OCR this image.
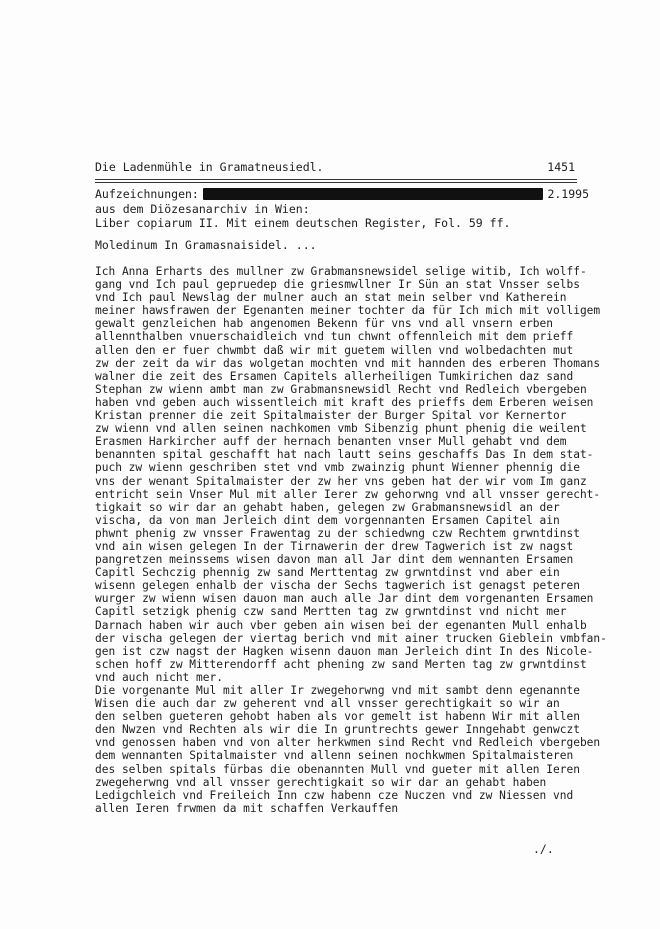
Die Ladenmühle in Gramatneusiedl.	1451
Aufzeichnungen:	2.1995
aus dem Diözesanarchiv in Wien:
Liber copiarum II. Mit einem deutschen Register, Fol. 59 ff.
Moledinum In Gramasnaisidel. ...
Ich Anna Erharts des mullner zw Grabmansnewsidel selige witib, Ich wolff-
gang vnd Ich paul gepruedер die griesmwllner Ir Sün an stat Vnsser selbs
vnd Ich paul Newslag der mulner auch an stat mein selber vnd Katherein
meiner hawsfrawen der Egenanten meiner tochter da für Ich mich mit volligem
gewalt genzleichen hab angenomen Bekenn für vns vnd all vnsern erben
allennthalben vnuerschaidleich vnd tun chwnt offennleich mit dem prieff
allen den er fuer chwmbt daß wir mit guetem willen vnd wolbedachten mut
zw der zeit da wir das wolgetan mochten vnd mit hannden des erberen Thomans
walner die zeit des Ersamen Capitels allerheiligen Tumkirichen daz sand
Stephan zw wienn ambt man zw Grabmansnewsidl Recht vnd Redleich vbergeben
haben vnd geben auch wissentleich mit kraft des prieffs dem Erberen weisen
Kristan prenner die zeit Spitalmaister der Burger Spital vor Kernertor
zw wienn vnd allen seinen nachkomen vmb Sibenzig phunt phenig die weilent
Erasmen Harkircher auff der hernach benanten vnser Mull gehabt vnd dem
benannten spital geschafft hat nach lautt seins geschaffs Das In dem stat-
puch zw wienn geschriben stet vnd vmb zwainzig phunt Wienner phennig die
vns der wenant Spitalmaister der zw her vns geben hat der wir vom Im ganz
entricht sein Vnser Mul mit aller Ierer zw gehorwng vnd all vnsser gerecht-
tigkait so wir dar an gehabt haben, gelegen zw Grabmansnewsidl an der
vischa, da von man Jerleich dint dem vorgennanten Ersamen Capitel ain
phwnt phenig zw vnsser Frawentag zu der schiedwng czw Rechtem grwntdinst
vnd ain wisen gelegen In der Tirnawerin der drew Tagwerich ist zw nagst
pangretzen meinssems wisen davon man all Jar dint dem wennanten Ersamen
Capitl Sechczig phennig zw sand Merttentag zw grwntdinst vnd aber ein
wisenn gelegen enhalb der vischa der Sechs tagwerich ist genagst peteren
wurger zw wienn wisen dauon man auch alle Jar dint dem vorgenanten Ersamen
Capitl setzigk phenig czw sand Mertten tag zw grwntdinst vnd nicht mer
Darnach haben wir auch vber geben ain wisen bei der egenanten Mull enhalb
der vischa gelegen der viertag berich vnd mit ainer trucken Gieblein vmbfan-
gen ist czw nagst der Hagken wisenn dauon man Jerleich dint In des Nicole-
schen hoff zw Mitterendorff acht phening zw sand Merten tag zw grwntdinst
vnd auch nicht mer.
Die vorgenante Mul mit aller Ir zwegehorwng vnd mit sambt denn egenannte
Wisen die auch dar zw geherent vnd all vnsser gerechtigkait so wir an
den selben gueteren gehobt haben als vor gemelt ist habenn Wir mit allen
den Nwzen vnd Rechten als wir die In gruntrechts gewer Inngehabt genwczt
vnd genossen haben vnd von alter herkwmen sind Recht vnd Redleich vbergeben
dem wennanten Spitalmaister vnd allenn seinen nochkwmen Spitalmaisteren
des selben spitals fürbas die obenannten Mull vnd gueter mit allen Ieren
zwegeherwng vnd all vnsser gerechtigkait so wir dar an gehabt haben
Ledigchleich vnd Freileich Inn czw habenn cze Nuczen vnd zw Niessen vnd
allen Ieren frwmen da mit schaffen Verkauffen
./.
